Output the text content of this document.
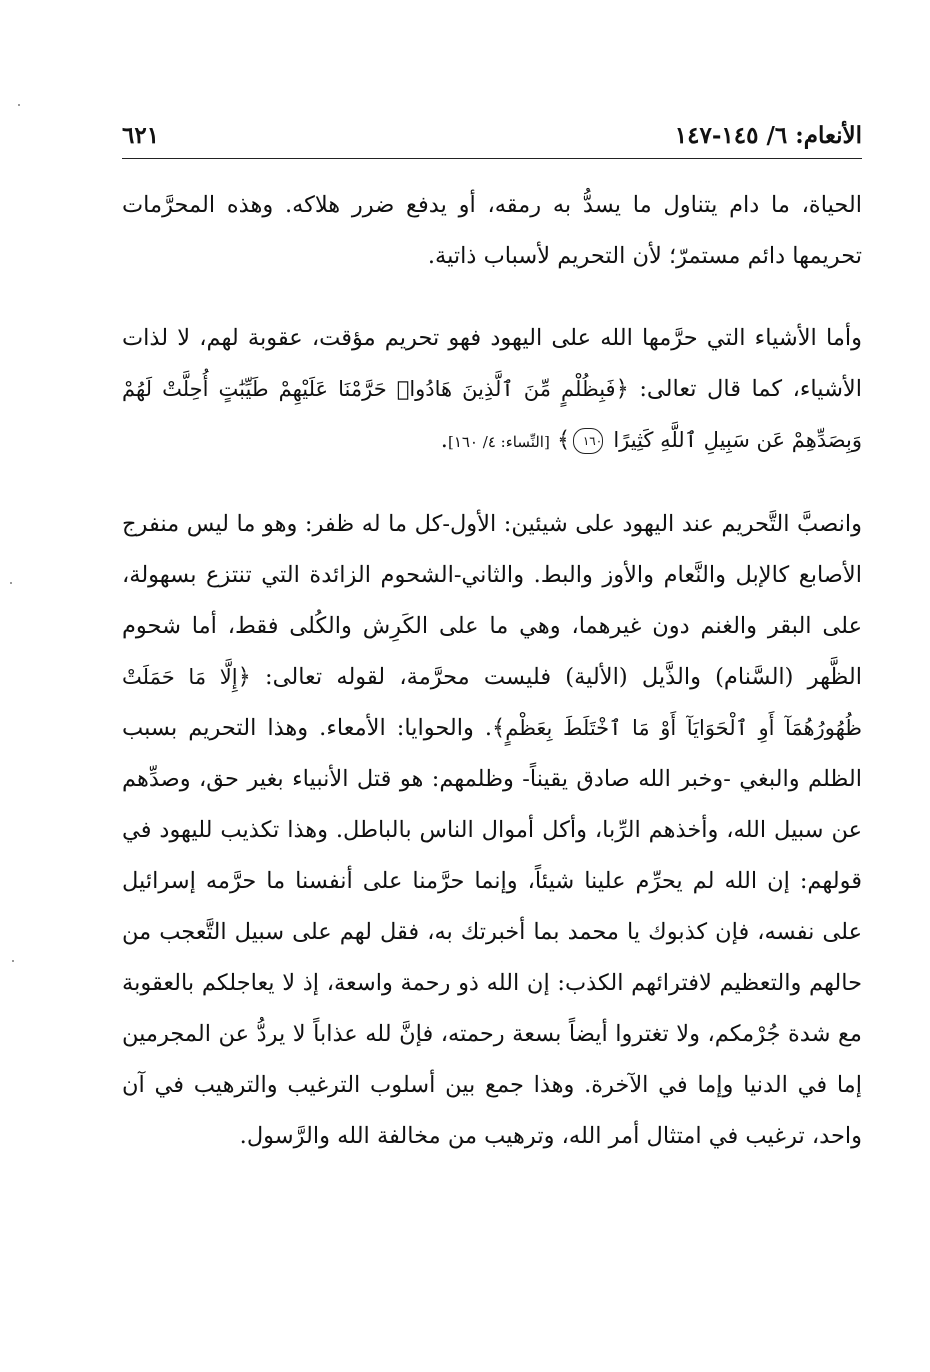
الأنعام: ٦/ ١٤٥-١٤٧
٦٢١

الحياة، ما دام يتناول ما يسدُّ به رمقه، أو يدفع ضرر هلاكه. وهذه المحرَّمات تحريمها دائم مستمرّ؛ لأن التحريم لأسباب ذاتية.

وأما الأشياء التي حرَّمها الله على اليهود فهو تحريم مؤقت، عقوبة لهم، لا لذات الأشياء، كما قال تعالى: ﴿فَبِظُلْمٍ مِّنَ ٱلَّذِينَ هَادُوا۟ حَرَّمْنَا عَلَيْهِمْ طَيِّبَٰتٍ أُحِلَّتْ لَهُمْ وَبِصَدِّهِمْ عَن سَبِيلِ ٱللَّهِ كَثِيرًا ١٦٠﴾ [النِّساء: ٤/ ١٦٠].

وانصبَّ التَّحريم عند اليهود على شيئين: الأول-كل ما له ظفر: وهو ما ليس منفرج الأصابع كالإبل والنَّعام والأوز والبط. والثاني-الشحوم الزائدة التي تنتزع بسهولة، على البقر والغنم دون غيرهما، وهي ما على الكَرِش والكُلى فقط، أما شحوم الظَّهر (السَّنام) والذَّيل (الألية) فليست محرَّمة، لقوله تعالى: ﴿إِلَّا مَا حَمَلَتْ ظُهُورُهُمَآ أَوِ ٱلْحَوَايَآ أَوْ مَا ٱخْتَلَطَ بِعَظْمٍ﴾. والحوايا: الأمعاء. وهذا التحريم بسبب الظلم والبغي -وخبر الله صادق يقيناً- وظلمهم: هو قتل الأنبياء بغير حق، وصدِّهم عن سبيل الله، وأخذهم الرِّبا، وأكل أموال الناس بالباطل. وهذا تكذيب لليهود في قولهم: إن الله لم يحرِّم علينا شيئاً، وإنما حرَّمنا على أنفسنا ما حرَّمه إسرائيل على نفسه، فإن كذبوك يا محمد بما أخبرتك به، فقل لهم على سبيل التَّعجب من حالهم والتعظيم لافترائهم الكذب: إن الله ذو رحمة واسعة، إذ لا يعاجلكم بالعقوبة مع شدة جُرْمكم، ولا تغتروا أيضاً بسعة رحمته، فإنَّ لله عذاباً لا يردُّ عن المجرمين إما في الدنيا وإما في الآخرة. وهذا جمع بين أسلوب الترغيب والترهيب في آن واحد، ترغيب في امتثال أمر الله، وترهيب من مخالفة الله والرَّسول.
